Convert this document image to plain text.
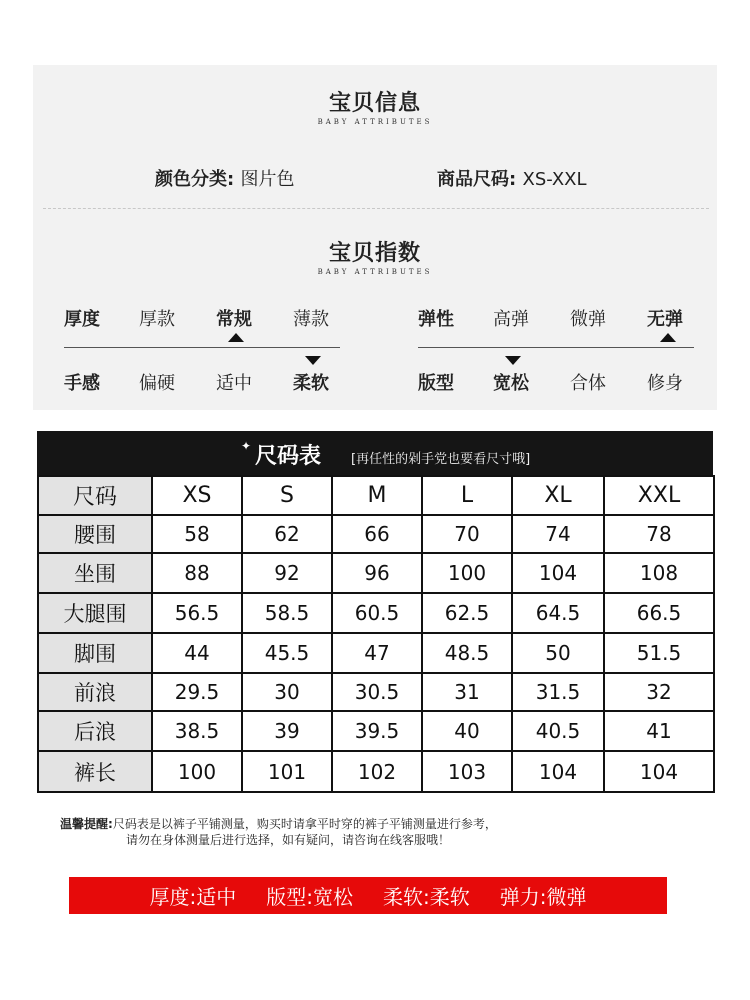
宝贝信息
BABY ATTRIBUTES
颜色分类: 图片色	商品尺码: XS-XXL
宝贝指数
BABY ATTRIBUTES
厚度 厚款 常规 薄款	弹性 高弹 微弹 无弹
手感 偏硬 适中 柔软	版型 宽松 合体 修身
✦ 尺码表 [再任性的剁手党也要看尺寸哦]
尺码	XS	S	M	L	XL	XXL
腰围	58	62	66	70	74	78
坐围	88	92	96	100	104	108
大腿围	56.5	58.5	60.5	62.5	64.5	66.5
脚围	44	45.5	47	48.5	50	51.5
前浪	29.5	30	30.5	31	31.5	32
后浪	38.5	39	39.5	40	40.5	41
裤长	100	101	102	103	104	104
温馨提醒:尺码表是以裤子平铺测量，购买时请拿平时穿的裤子平铺测量进行参考，
请勿在身体测量后进行选择，如有疑问，请咨询在线客服哦！
厚度:适中 版型:宽松 柔软:柔软 弹力:微弹
